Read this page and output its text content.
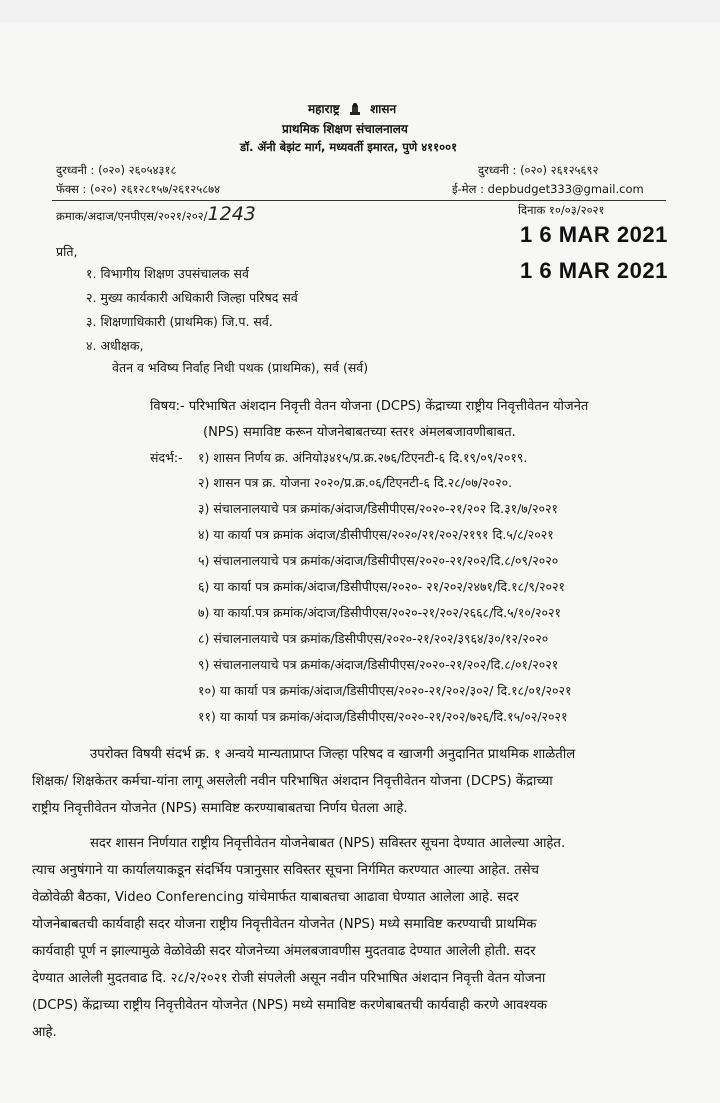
महाराष्ट्र	शासन
प्राथमिक शिक्षण संचालनालय
डॉ. ॲनी बेझंट मार्ग, मध्यवर्ती इमारत, पुणे ४११००१
दुरध्वनी : (०२०) २६०५४३१८
फॅक्स : (०२०) २६१२८१५७/२६१२५८७४
दुरध्वनी : (०२०) २६१२५६९२
ई-मेल : depbudget333@gmail.com
क्रमाक/अदाज/एनपीएस/२०२१/२०२/1243	दिनाक १०/०३/२०२१
1 6 MAR 2021
1 6 MAR 2021
प्रति,
१. विभागीय शिक्षण उपसंचालक सर्व
२. मुख्य कार्यकारी अधिकारी जिल्हा परिषद सर्व
३. शिक्षणाधिकारी (प्राथमिक) जि.प. सर्व.
४. अधीक्षक,
वेतन व भविष्य निर्वाह निधी पथक (प्राथमिक), सर्व (सर्व)
विषय:- परिभाषित अंशदान निवृत्ती वेतन योजना (DCPS) केंद्राच्या राष्ट्रीय निवृत्तीवेतन योजनेत
(NPS) समाविष्ट करून योजनेबाबतच्या स्तर१ अंमलबजावणीबाबत.
संदर्भ:- १) शासन निर्णय क्र. अंनियो३४१५/प्र.क्र.२७६/टिएनटी-६ दि.१९/०९/२०१९.
२) शासन पत्र क्र. योजना २०२०/प्र.क्र.०६/टिएनटी-६ दि.२८/०७/२०२०.
३) संचालनालयाचे पत्र क्रमांक/अंदाज/डिसीपीएस/२०२०-२१/२०२ दि.३१/७/२०२१
४) या कार्या पत्र क्रमांक अंदाज/डीसीपीएस/२०२०/२१/२०२/२१९१ दि.५/८/२०२१
५) संचालनालयाचे पत्र क्रमांक/अंदाज/डिसीपीएस/२०२०-२१/२०२/दि.८/०९/२०२०
६) या कार्या पत्र क्रमांक/अंदाज/डिसीपीएस/२०२०- २१/२०२/२४७१/दि.१८/९/२०२१
७) या कार्या.पत्र क्रमांक/अंदाज/डिसीपीएस/२०२०-२१/२०२/२६६८/दि.५/१०/२०२१
८) संचालनालयाचे पत्र क्रमांक/डिसीपीएस/२०२०-२१/२०२/३९६४/३०/१२/२०२०
९) संचालनालयाचे पत्र क्रमांक/अंदाज/डिसीपीएस/२०२०-२१/२०२/दि.८/०१/२०२१
१०) या कार्या पत्र क्रमांक/अंदाज/डिसीपीएस/२०२०-२१/२०२/३०२/ दि.१८/०१/२०२१
११) या कार्या पत्र क्रमांक/अंदाज/डिसीपीएस/२०२०-२१/२०२/७२६/दि.१५/०२/२०२१
उपरोक्त विषयी संदर्भ क्र. १ अन्वये मान्यताप्राप्त जिल्हा परिषद व खाजगी अनुदानित प्राथमिक शाळेतील
शिक्षक/ शिक्षकेतर कर्मचा-यांना लागू असलेली नवीन परिभाषित अंशदान निवृत्तीवेतन योजना (DCPS) केंद्राच्या
राष्ट्रीय निवृत्तीवेतन योजनेत (NPS) समाविष्ट करण्याबाबतचा निर्णय घेतला आहे.
सदर शासन निर्णयात राष्ट्रीय निवृत्तीवेतन योजनेबाबत (NPS) सविस्तर सूचना देण्यात आलेल्या आहेत.
त्याच अनुषंगाने या कार्यालयाकडून संदर्भिय पत्रानुसार सविस्तर सूचना निर्गमित करण्यात आल्या आहेत. तसेच
वेळोवेळी बैठका, Video Conferencing यांचेमार्फत याबाबतचा आढावा घेण्यात आलेला आहे. सदर
योजनेबाबतची कार्यवाही सदर योजना राष्ट्रीय निवृत्तीवेतन योजनेत (NPS) मध्ये समाविष्ट करण्याची प्राथमिक
कार्यवाही पूर्ण न झाल्यामुळे वेळोवेळी सदर योजनेच्या अंमलबजावणीस मुदतवाढ देण्यात आलेली होती. सदर
देण्यात आलेली मुदतवाढ दि. २८/२/२०२१ रोजी संपलेली असून नवीन परिभाषित अंशदान निवृत्ती वेतन योजना
(DCPS) केंद्राच्या राष्ट्रीय निवृत्तीवेतन योजनेत (NPS) मध्ये समाविष्ट करणेबाबतची कार्यवाही करणे आवश्यक
आहे.
